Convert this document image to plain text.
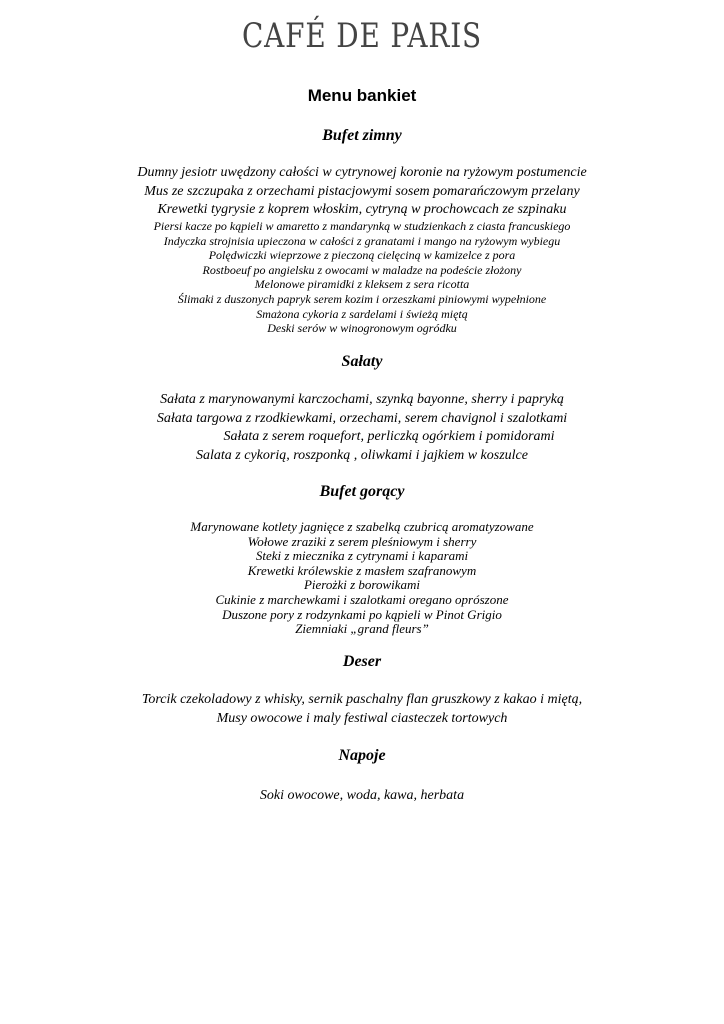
CAFÉ DE PARIS
Menu bankiet
Bufet zimny
Dumny jesiotr uwędzony całości w cytrynowej koronie na ryżowym postumencie
Mus ze szczupaka z orzechami pistacjowymi sosem pomarańczowym przelany
Krewetki tygrysie z koprem włoskim, cytryną w prochowcach ze szpinaku
Piersi kacze po kąpieli w amaretto z mandarynką w studzienkach z ciasta francuskiego
Indyczka strojnisia upieczona w całości z granatami i mango na ryżowym wybiegu
Polędwiczki wieprzowe z pieczoną cielęciną w kamizelce z pora
Rostboeuf po angielsku z owocami w maladze na podeście złożony
Melonowe piramidki z kleksem z sera ricotta
Ślimaki z duszonych papryk serem kozim i orzeszkami piniowymi wypełnione
Smażona cykoria z sardelami i świeżą miętą
Deski serów w winogronowym ogródku
Sałaty
Sałata z marynowanymi karczochami, szynką bayonne, sherry i papryką
Sałata targowa z rzodkiewkami, orzechami, serem chavignol i szalotkami
Sałata z serem roquefort, perliczką ogórkiem i pomidorami
Salata z cykorią, roszponką , oliwkami i jajkiem w koszulce
Bufet gorący
Marynowane kotlety jagnięce z szabelką czubricą aromatyzowane
Wołowe zraziki z serem pleśniowym i sherry
Steki z miecznika z cytrynami i kaparami
Krewetki królewskie z masłem szafranowym
Pierożki z borowikami
Cukinie z marchewkami i szalotkami oregano oprószone
Duszone pory z rodzynkami po kąpieli w Pinot Grigio
Ziemniaki „grand fleurs”
Deser
Torcik czekoladowy z whisky, sernik paschalny flan gruszkowy z kakao i miętą,
Musy owocowe i maly festiwal ciasteczek tortowych
Napoje
Soki owocowe, woda, kawa, herbata
